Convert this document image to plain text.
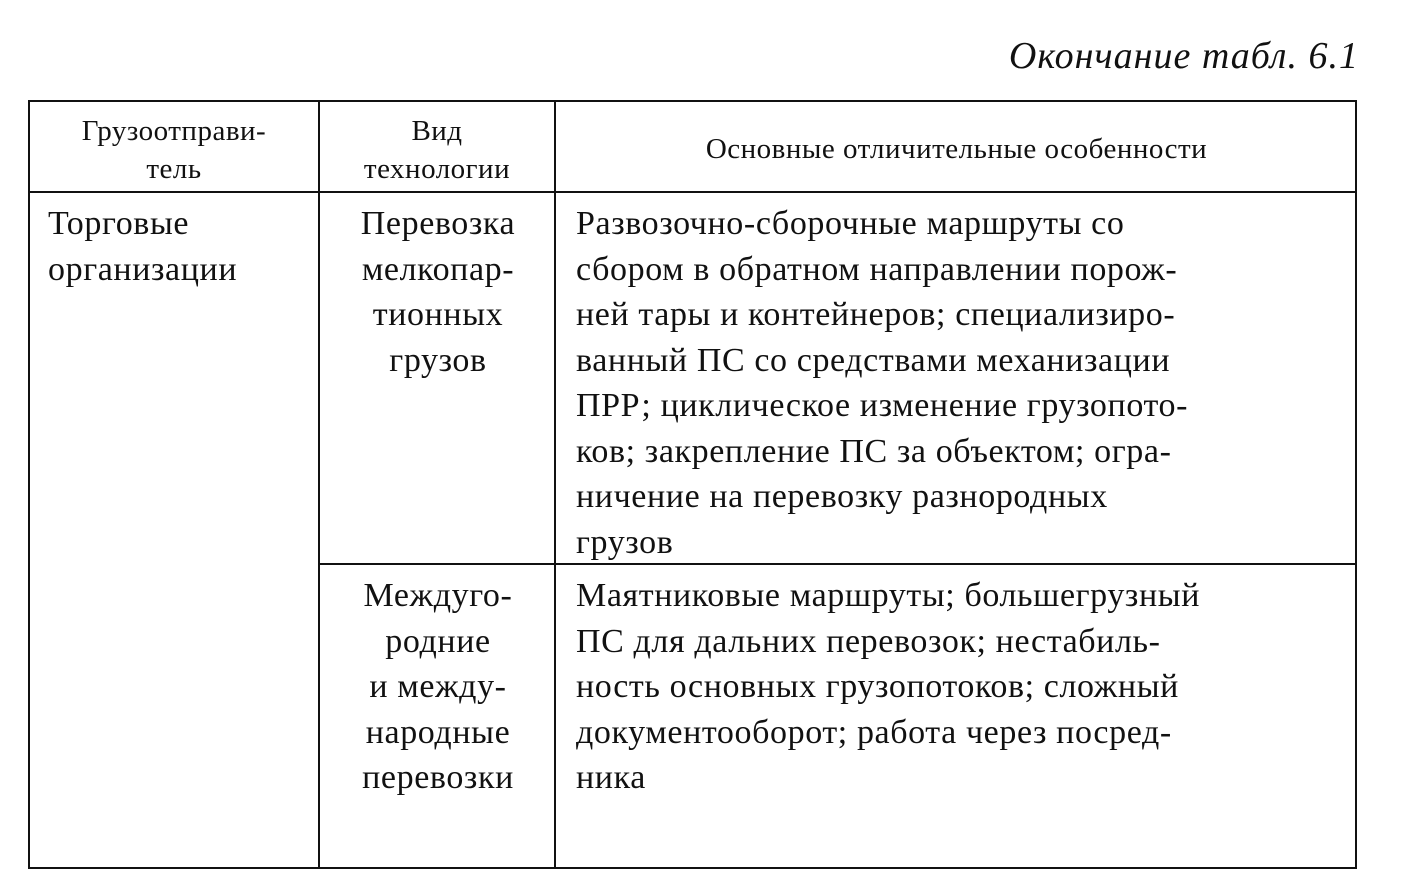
Окончание табл. 6.1
Грузоотправи-
тель
Вид
технологии
Основные отличительные особенности
Торговые
организации
Перевозка
мелкопар-
тионных
грузов
Развозочно-сборочные маршруты со
сбором в обратном направлении порож-
ней тары и контейнеров; специализиро-
ванный ПС со средствами механизации
ПРР; циклическое изменение грузопото-
ков; закрепление ПС за объектом; огра-
ничение на перевозку разнородных
грузов
Междуго-
родние
и междy-
народные
перевозки
Маятниковые маршруты; большегрузный
ПС для дальних перевозок; нестабиль-
ность основных грузопотоков; сложный
документооборот; работа через посред-
ника
